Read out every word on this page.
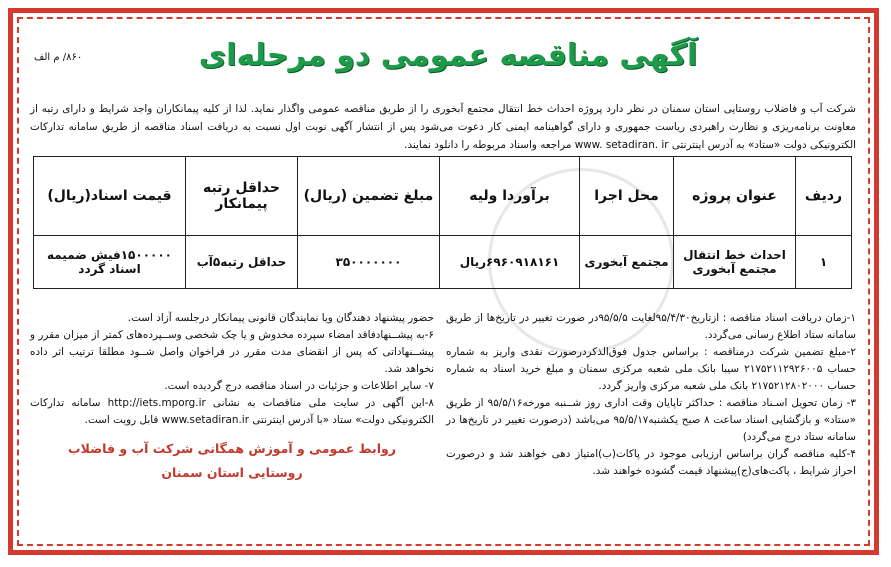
۸۶۰/ م الف	آگهی مناقصه عمومی دو مرحله‌ای
شرکت آب و فاضلاب روستایی استان سمنان در نظر دارد پروژه احداث خط انتقال مجتمع آبخوری را از طریق مناقصه عمومی واگذار نماید. لذا از کلیه پیمانکاران واجد شرایط و دارای رتبه از معاونت برنامه‌ریزی و نظارت راهبردی ریاست جمهوری و دارای گواهینامه ایمنی کار دعوت می‌شود پس از انتشار آگهی نوبت اول نسبت به دریافت اسناد مناقصه از طریق سامانه تدارکات الکترونیکی دولت «ستاد» به آدرس اینترنتی www. setadiran. ir مراجعه واسناد مربوطه را دانلود نمایند.
ردیف	عنوان پروژه	محل اجرا	برآوردا ولیه	مبلغ تضمین (ریال)	حداقل رتبه پیمانکار	قیمت اسناد(ریال)
۱	احداث خط انتقال مجتمع آبخوری	مجتمع آبخوری	۶۹۶۰۹۱۸۱۶۱ریال	۳۵۰۰۰۰۰۰۰	حداقل رتبه۵آب	۱۵۰۰۰۰۰فیش ضمیمه اسناد گردد

۱-زمان دریافت اسناد مناقصه : ازتاریخ۹۵/۴/۳۰لغایت ۹۵/۵/۵در صورت تغییر در تاریخ‌ها از طریق سامانه ستاد اطلاع رسانی می‌گردد.

۲-مبلغ تضمین شرکت درمناقصه : براساس جدول فوق‌الذکردرصورت نقدی واریز به شماره حساب ۲۱۷۵۲۱۱۲۹۲۶۰۰۵ سیبا بانک ملی شعبه مرکزی سمنان و مبلغ خرید اسناد به شماره حساب ۲۱۷۵۲۱۲۸۰۲۰۰۰ بانک ملی شعبه مرکزی واریز گردد.

۳- زمان تحویل اسـناد مناقصه : حداکثر تاپایان وقت اداری روز شــنبه مورخه۹۵/۵/۱۶ از طریق «ستاد» و بازگشایی اسناد ساعت ۸ صبح یکشنبه۹۵/۵/۱۷ می‌باشد (درصورت تغییر در تاریخ‌ها در سامانه ستاد درج می‌گردد)

۴-کلیه مناقصه گران براساس ارزیابی موجود در پاکات(ب)امتیاز دهی خواهند شد و درصورت احراز شرایط ، پاکت‌های(ج)پیشنهاد قیمت گشوده خواهند شد.

حضور پیشنهاد دهندگان ویا نمایندگان قانونی پیمانکار درجلسه آزاد است.

۶-به پیشــنهادفاقد امضاء سپرده مخدوش و یا چک شخصی وســپرده‌های کمتر از میزان مقرر و پیشــنهاداتی که پس از انقضای مدت مقرر در فراخوان واصل شــود مطلقا ترتیب اثر داده نخواهد شد.

۷- سایر اطلاعات و جزئیات در اسناد مناقصه درج گردیده است.

۸-این آگهی در سایت ملی مناقصات به نشانی http://iets.mporg.ir سامانه تدارکات الکترونیکی دولت» ستاد «با آدرس اینترنتی www.setadiran.ir قابل رویت است.

روابط عمومی و آموزش همگانی شرکت آب و فاضلاب
روستایی استان سمنان
